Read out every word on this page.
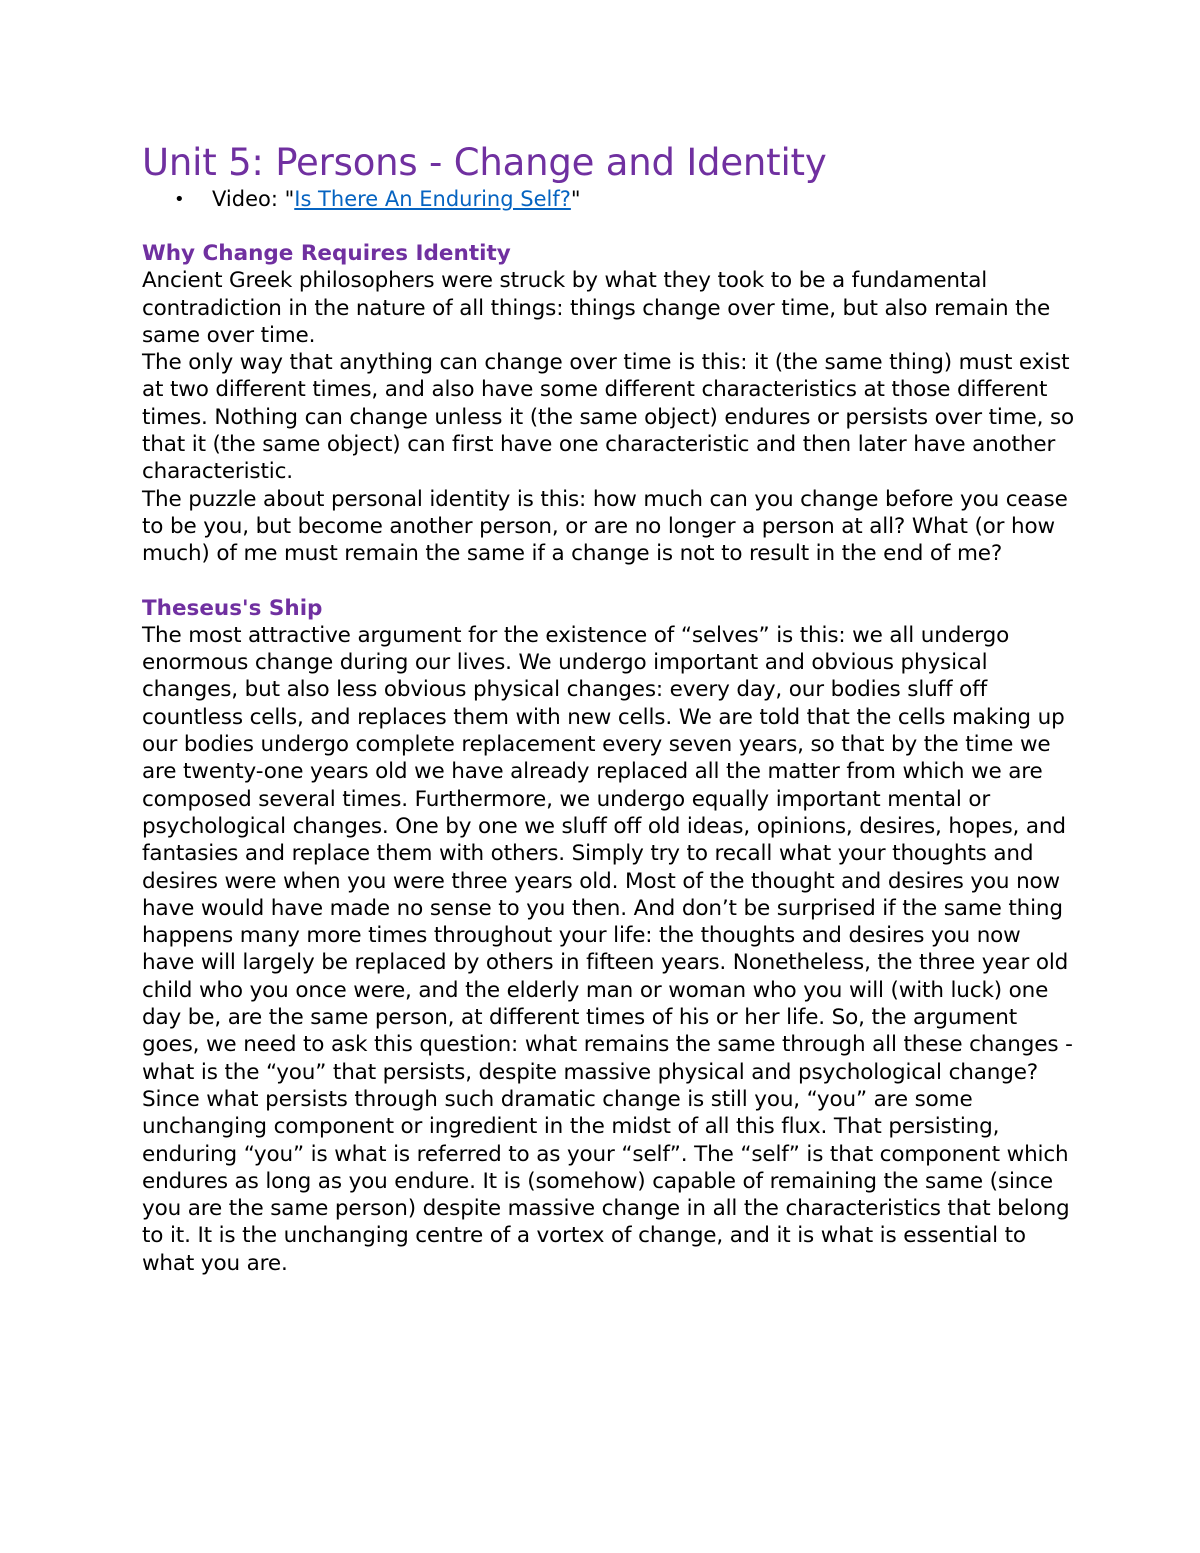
Unit 5: Persons - Change and Identity
• Video: "Is There An Enduring Self?"
Why Change Requires Identity

Ancient Greek philosophers were struck by what they took to be a fundamental contradiction in the nature of all things: things change over time, but also remain the same over time.

The only way that anything can change over time is this: it (the same thing) must exist at two different times, and also have some different characteristics at those different times. Nothing can change unless it (the same object) endures or persists over time, so that it (the same object) can first have one characteristic and then later have another characteristic.

The puzzle about personal identity is this: how much can you change before you cease to be you, but become another person, or are no longer a person at all? What (or how much) of me must remain the same if a change is not to result in the end of me?

Theseus's Ship

The most attractive argument for the existence of “selves” is this: we all undergo enormous change during our lives. We undergo important and obvious physical changes, but also less obvious physical changes: every day, our bodies sluff off countless cells, and replaces them with new cells. We are told that the cells making up our bodies undergo complete replacement every seven years, so that by the time we are twenty-one years old we have already replaced all the matter from which we are composed several times. Furthermore, we undergo equally important mental or psychological changes. One by one we sluff off old ideas, opinions, desires, hopes, and fantasies and replace them with others. Simply try to recall what your thoughts and desires were when you were three years old. Most of the thought and desires you now have would have made no sense to you then. And don’t be surprised if the same thing happens many more times throughout your life: the thoughts and desires you now have will largely be replaced by others in fifteen years. Nonetheless, the three year old child who you once were, and the elderly man or woman who you will (with luck) one day be, are the same person, at different times of his or her life. So, the argument goes, we need to ask this question: what remains the same through all these changes - what is the “you” that persists, despite massive physical and psychological change? Since what persists through such dramatic change is still you, “you” are some unchanging component or ingredient in the midst of all this flux. That persisting, enduring “you” is what is referred to as your “self”. The “self” is that component which endures as long as you endure. It is (somehow) capable of remaining the same (since you are the same person) despite massive change in all the characteristics that belong to it. It is the unchanging centre of a vortex of change, and it is what is essential to what you are.
